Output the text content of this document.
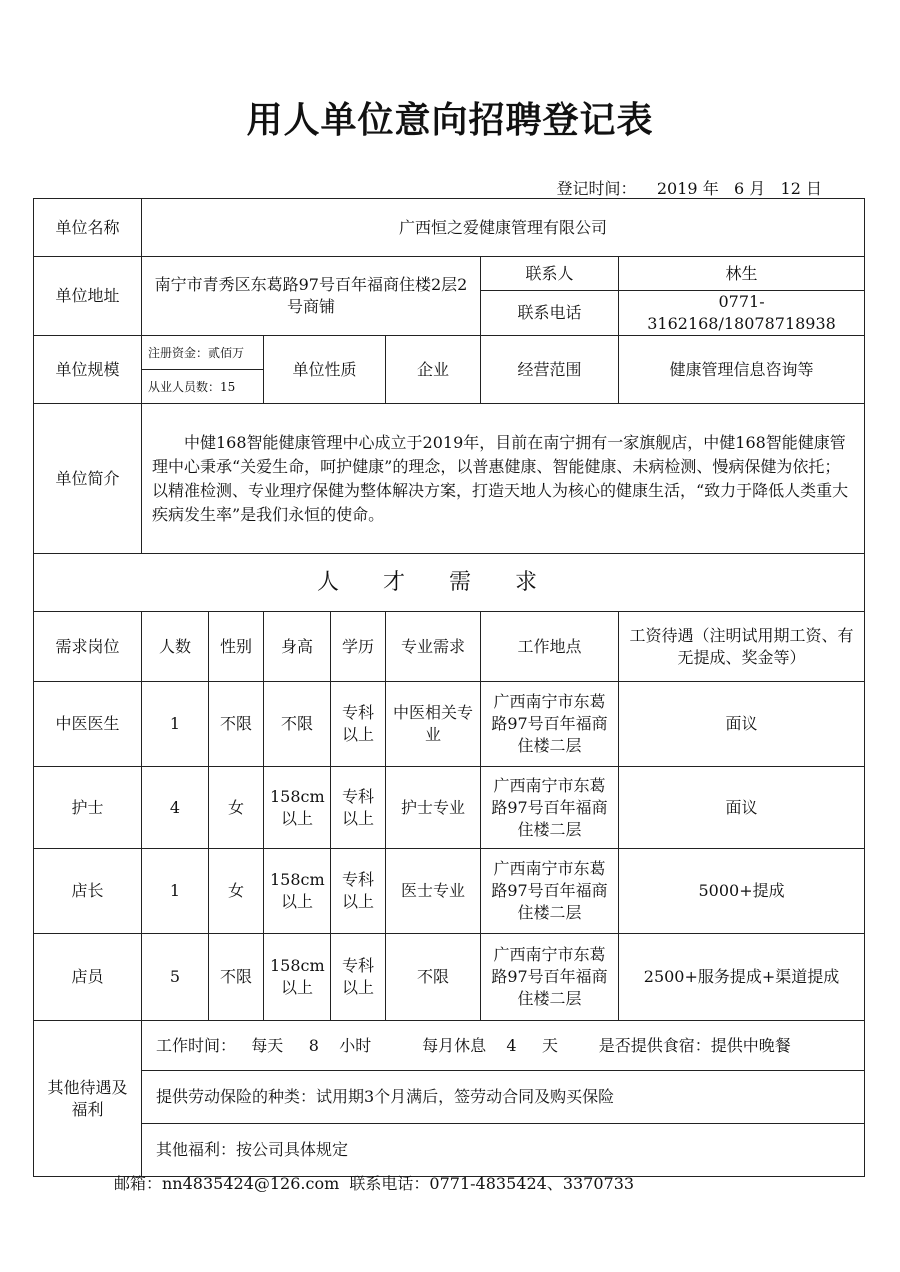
用人单位意向招聘登记表
登记时间： 2019 年 6 月 12 日
单位名称	广西恒之爱健康管理有限公司						
单位地址	南宁市青秀区东葛路97号百年福商住楼2层2号商铺					联系人	林生
						联系电话	0771-3162168/18078718938
单位规模	注册资金：贰佰万		单位性质		企业	经营范围	健康管理信息咨询等
	从业人员数：15						
单位简介	中健168智能健康管理中心成立于2019年，目前在南宁拥有一家旗舰店，中健168智能健康管理中心秉承“关爱生命，呵护健康”的理念，以普惠健康、智能健康、未病检测、慢病保健为依托；以精准检测、专业理疗保健为整体解决方案，打造天地人为核心的健康生活，“致力于降低人类重大疾病发生率”是我们永恒的使命。						

人才需求							
需求岗位	人数	性别	身高	学历	专业需求	工作地点	工资待遇（注明试用期工资、有无提成、奖金等）
中医医生	1	不限	不限	专科以上	中医相关专业	广西南宁市东葛路97号百年福商住楼二层	面议
护士	4	女	158cm以上	专科以上	护士专业	广西南宁市东葛路97号百年福商住楼二层	面议
店长	1	女	158cm以上	专科以上	医士专业	广西南宁市东葛路97号百年福商住楼二层	5000+提成
店员	5	不限	158cm以上	专科以上	不限	广西南宁市东葛路97号百年福商住楼二层	2500+服务提成+渠道提成
其他待遇及福利	工作时间：   每天     8    小时          每月休息    4     天        是否提供食宿：提供中晚餐						
	提供劳动保险的种类：试用期3个月满后，签劳动合同及购买保险						
	其他福利：按公司具体规定						
邮箱：nn4835424@126.com  联系电话：0771-4835424、3370733
